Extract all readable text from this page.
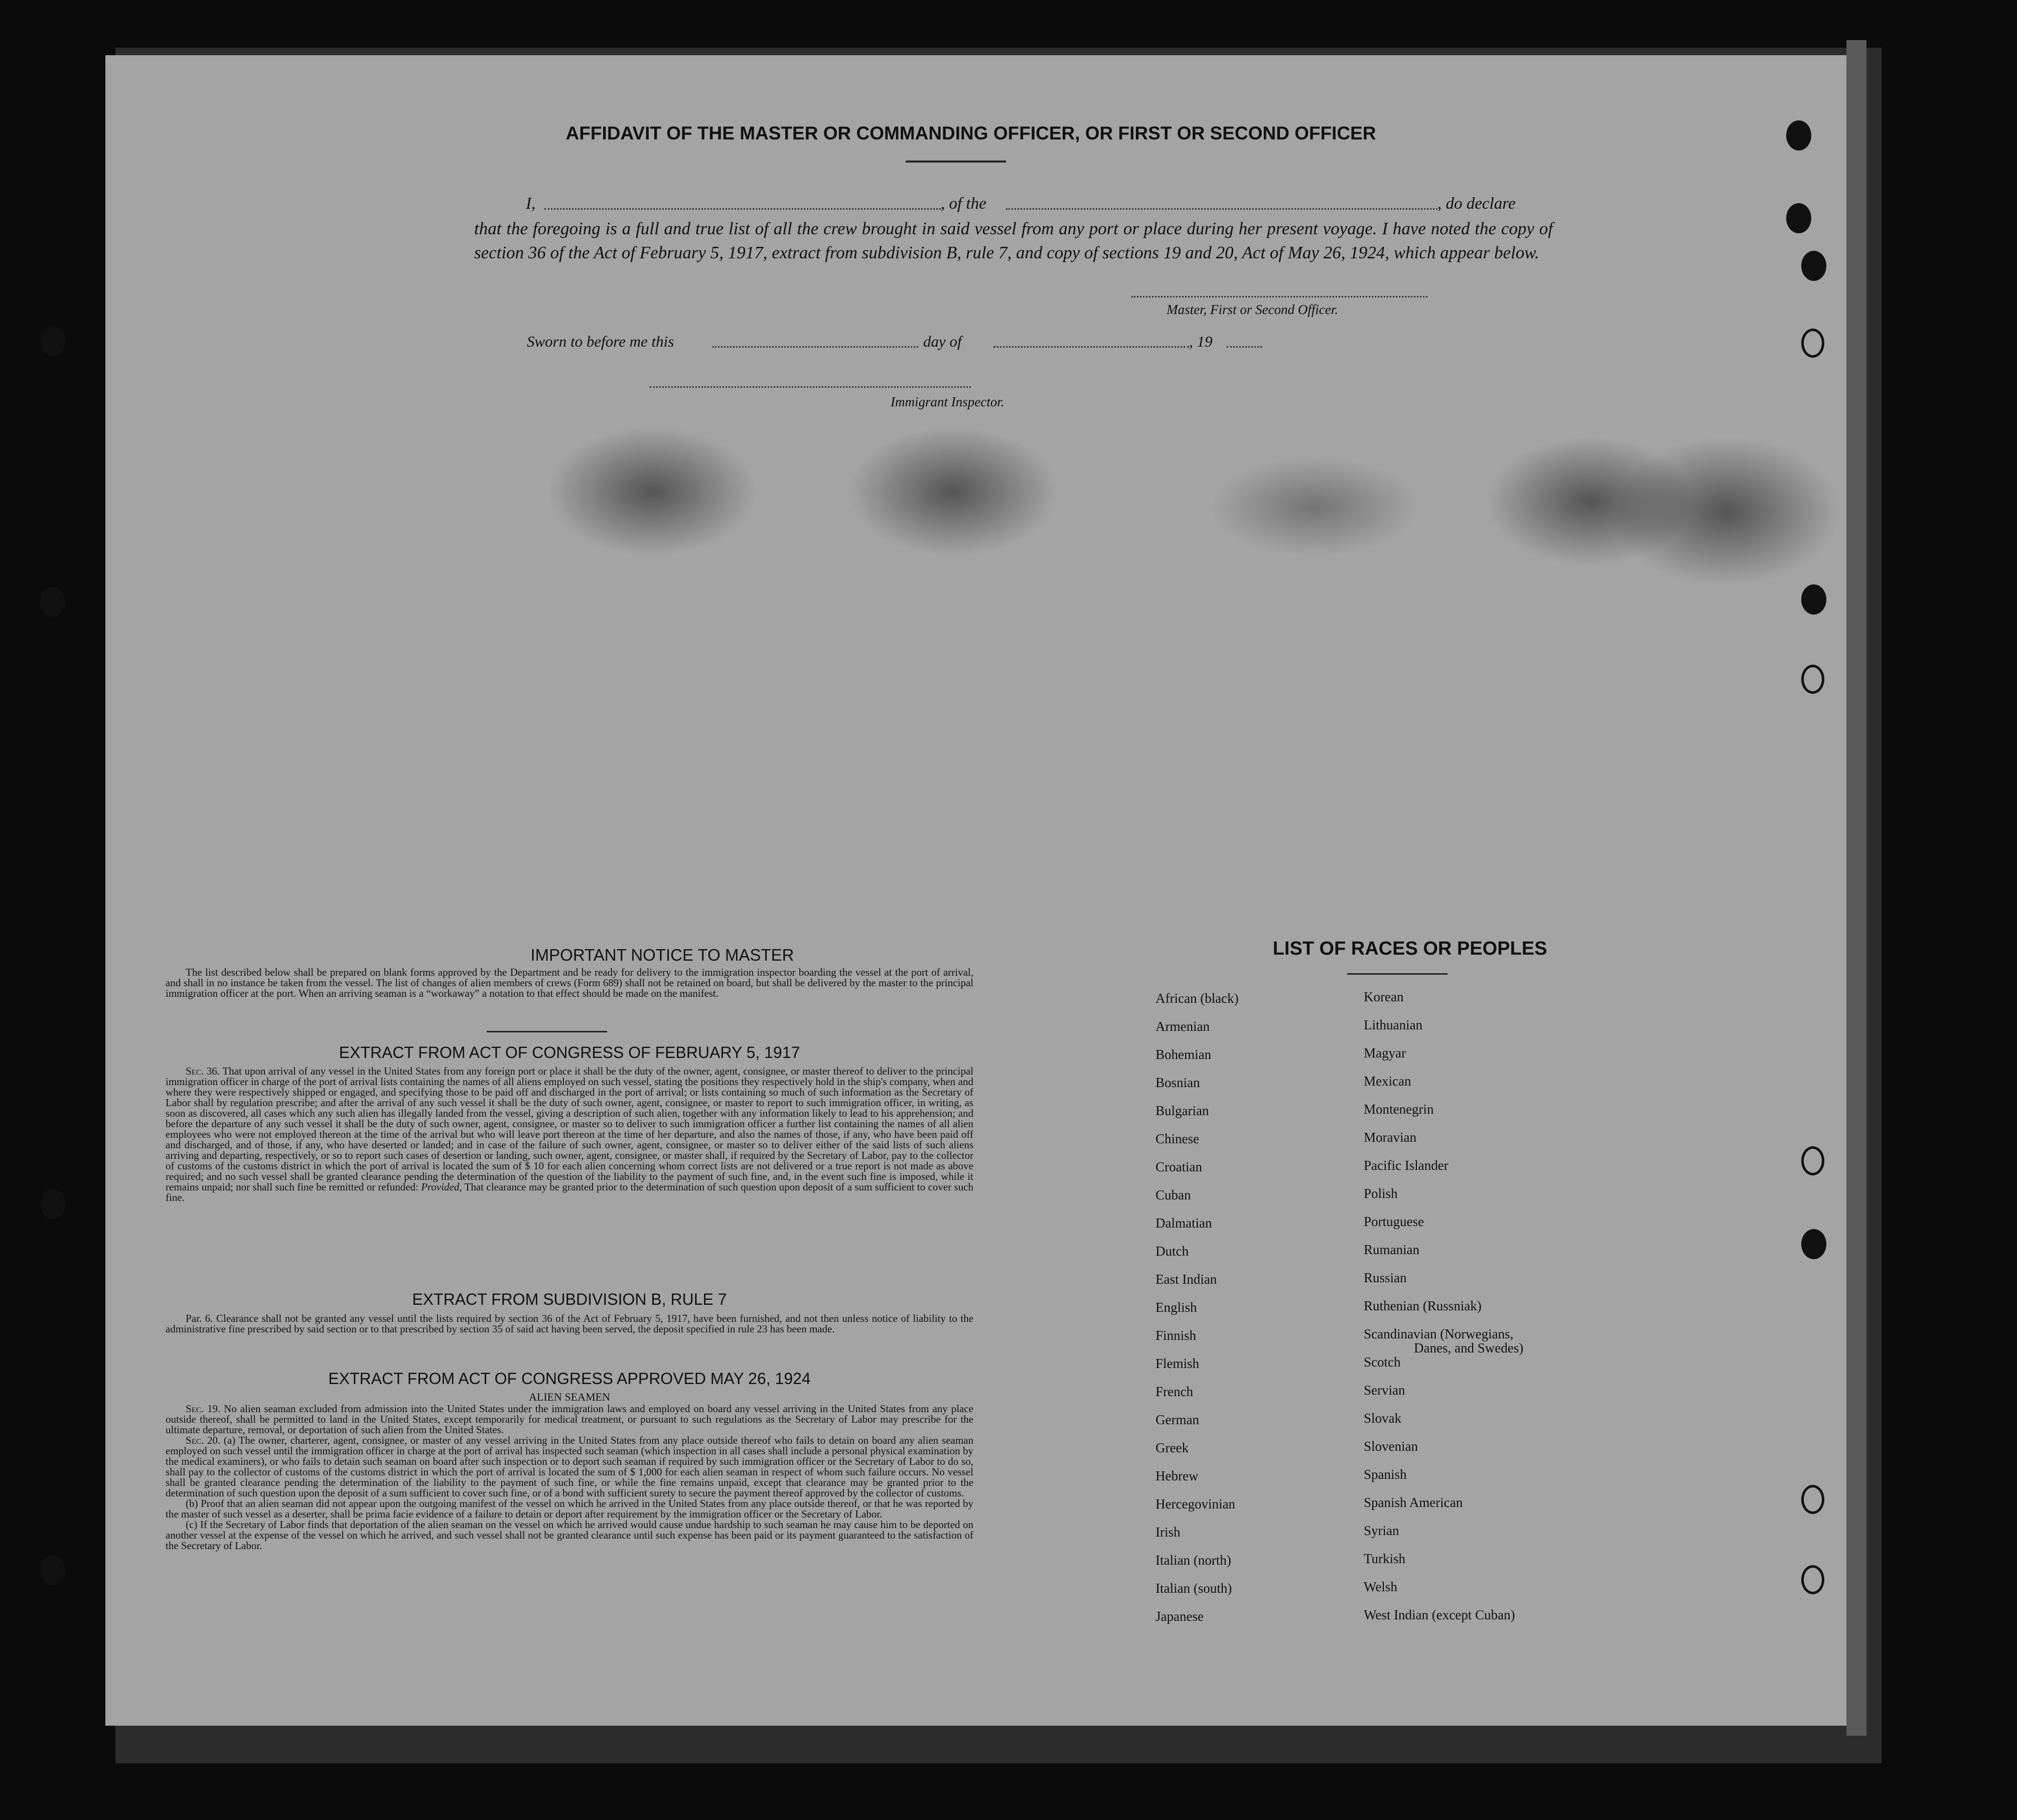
AFFIDAVIT OF THE MASTER OR COMMANDING OFFICER, OR FIRST OR SECOND OFFICER
I,	, of the	, do declare
that the foregoing is a full and true list of all the crew brought in said vessel from any port or place during her present voyage. I have noted the copy of section 36 of the Act of February 5, 1917, extract from subdivision B, rule 7, and copy of sections 19 and 20, Act of May 26, 1924, which appear below.
Master, First or Second Officer.
Sworn to before me this	day of	, 19
Immigrant Inspector.
IMPORTANT NOTICE TO MASTER

The list described below shall be prepared on blank forms approved by the Department and be ready for delivery to the immigration inspector boarding the vessel at the port of arrival, and shall in no instance be taken from the vessel. The list of changes of alien members of crews (Form 689) shall not be retained on board, but shall be delivered by the master to the principal immigration officer at the port. When an arriving seaman is a “workaway” a notation to that effect should be made on the manifest.

EXTRACT FROM ACT OF CONGRESS OF FEBRUARY 5, 1917

Sec. 36. That upon arrival of any vessel in the United States from any foreign port or place it shall be the duty of the owner, agent, consignee, or master thereof to deliver to the principal immigration officer in charge of the port of arrival lists containing the names of all aliens employed on such vessel, stating the positions they respectively hold in the ship's company, when and where they were respectively shipped or engaged, and specifying those to be paid off and discharged in the port of arrival; or lists containing so much of such information as the Secretary of Labor shall by regulation prescribe; and after the arrival of any such vessel it shall be the duty of such owner, agent, consignee, or master to report to such immigration officer, in writing, as soon as discovered, all cases which any such alien has illegally landed from the vessel, giving a description of such alien, together with any information likely to lead to his apprehension; and before the departure of any such vessel it shall be the duty of such owner, agent, consignee, or master so to deliver to such immigration officer a further list containing the names of all alien employees who were not employed thereon at the time of the arrival but who will leave port thereon at the time of her departure, and also the names of those, if any, who have been paid off and discharged, and of those, if any, who have deserted or landed; and in case of the failure of such owner, agent, consignee, or master so to deliver either of the said lists of such aliens arriving and departing, respectively, or so to report such cases of desertion or landing, such owner, agent, consignee, or master shall, if required by the Secretary of Labor, pay to the collector of customs of the customs district in which the port of arrival is located the sum of $ 10 for each alien concerning whom correct lists are not delivered or a true report is not made as above required; and no such vessel shall be granted clearance pending the determination of the question of the liability to the payment of such fine, and, in the event such fine is imposed, while it remains unpaid; nor shall such fine be remitted or refunded: Provided, That clearance may be granted prior to the determination of such question upon deposit of a sum sufficient to cover such fine.

EXTRACT FROM SUBDIVISION B, RULE 7

Par. 6. Clearance shall not be granted any vessel until the lists required by section 36 of the Act of February 5, 1917, have been furnished, and not then unless notice of liability to the administrative fine prescribed by said section or to that prescribed by section 35 of said act having been served, the deposit specified in rule 23 has been made.

EXTRACT FROM ACT OF CONGRESS APPROVED MAY 26, 1924
ALIEN SEAMEN

Sec. 19. No alien seaman excluded from admission into the United States under the immigration laws and employed on board any vessel arriving in the United States from any place outside thereof, shall be permitted to land in the United States, except temporarily for medical treatment, or pursuant to such regulations as the Secretary of Labor may prescribe for the ultimate departure, removal, or deportation of such alien from the United States.

Sec. 20. (a) The owner, charterer, agent, consignee, or master of any vessel arriving in the United States from any place outside thereof who fails to detain on board any alien seaman employed on such vessel until the immigration officer in charge at the port of arrival has inspected such seaman (which inspection in all cases shall include a personal physical examination by the medical examiners), or who fails to detain such seaman on board after such inspection or to deport such seaman if required by such immigration officer or the Secretary of Labor to do so, shall pay to the collector of customs of the customs district in which the port of arrival is located the sum of $ 1,000 for each alien seaman in respect of whom such failure occurs. No vessel shall be granted clearance pending the determination of the liability to the payment of such fine, or while the fine remains unpaid, except that clearance may be granted prior to the determination of such question upon the deposit of a sum sufficient to cover such fine, or of a bond with sufficient surety to secure the payment thereof approved by the collector of customs.

(b) Proof that an alien seaman did not appear upon the outgoing manifest of the vessel on which he arrived in the United States from any place outside thereof, or that he was reported by the master of such vessel as a deserter, shall be prima facie evidence of a failure to detain or deport after requirement by the immigration officer or the Secretary of Labor.

(c) If the Secretary of Labor finds that deportation of the alien seaman on the vessel on which he arrived would cause undue hardship to such seaman he may cause him to be deported on another vessel at the expense of the vessel on which he arrived, and such vessel shall not be granted clearance until such expense has been paid or its payment guaranteed to the satisfaction of the Secretary of Labor.

LIST OF RACES OR PEOPLES
African (black)
Armenian
Bohemian
Bosnian
Bulgarian
Chinese
Croatian
Cuban
Dalmatian
Dutch
East Indian
English
Finnish
Flemish
French
German
Greek
Hebrew
Hercegovinian
Irish
Italian (north)
Italian (south)
Japanese
Korean
Lithuanian
Magyar
Mexican
Montenegrin
Moravian
Pacific Islander
Polish
Portuguese
Rumanian
Russian
Ruthenian (Russniak)
Scandinavian (Norwegians,
Danes, and Swedes)
Scotch
Servian
Slovak
Slovenian
Spanish
Spanish American
Syrian
Turkish
Welsh
West Indian (except Cuban)
